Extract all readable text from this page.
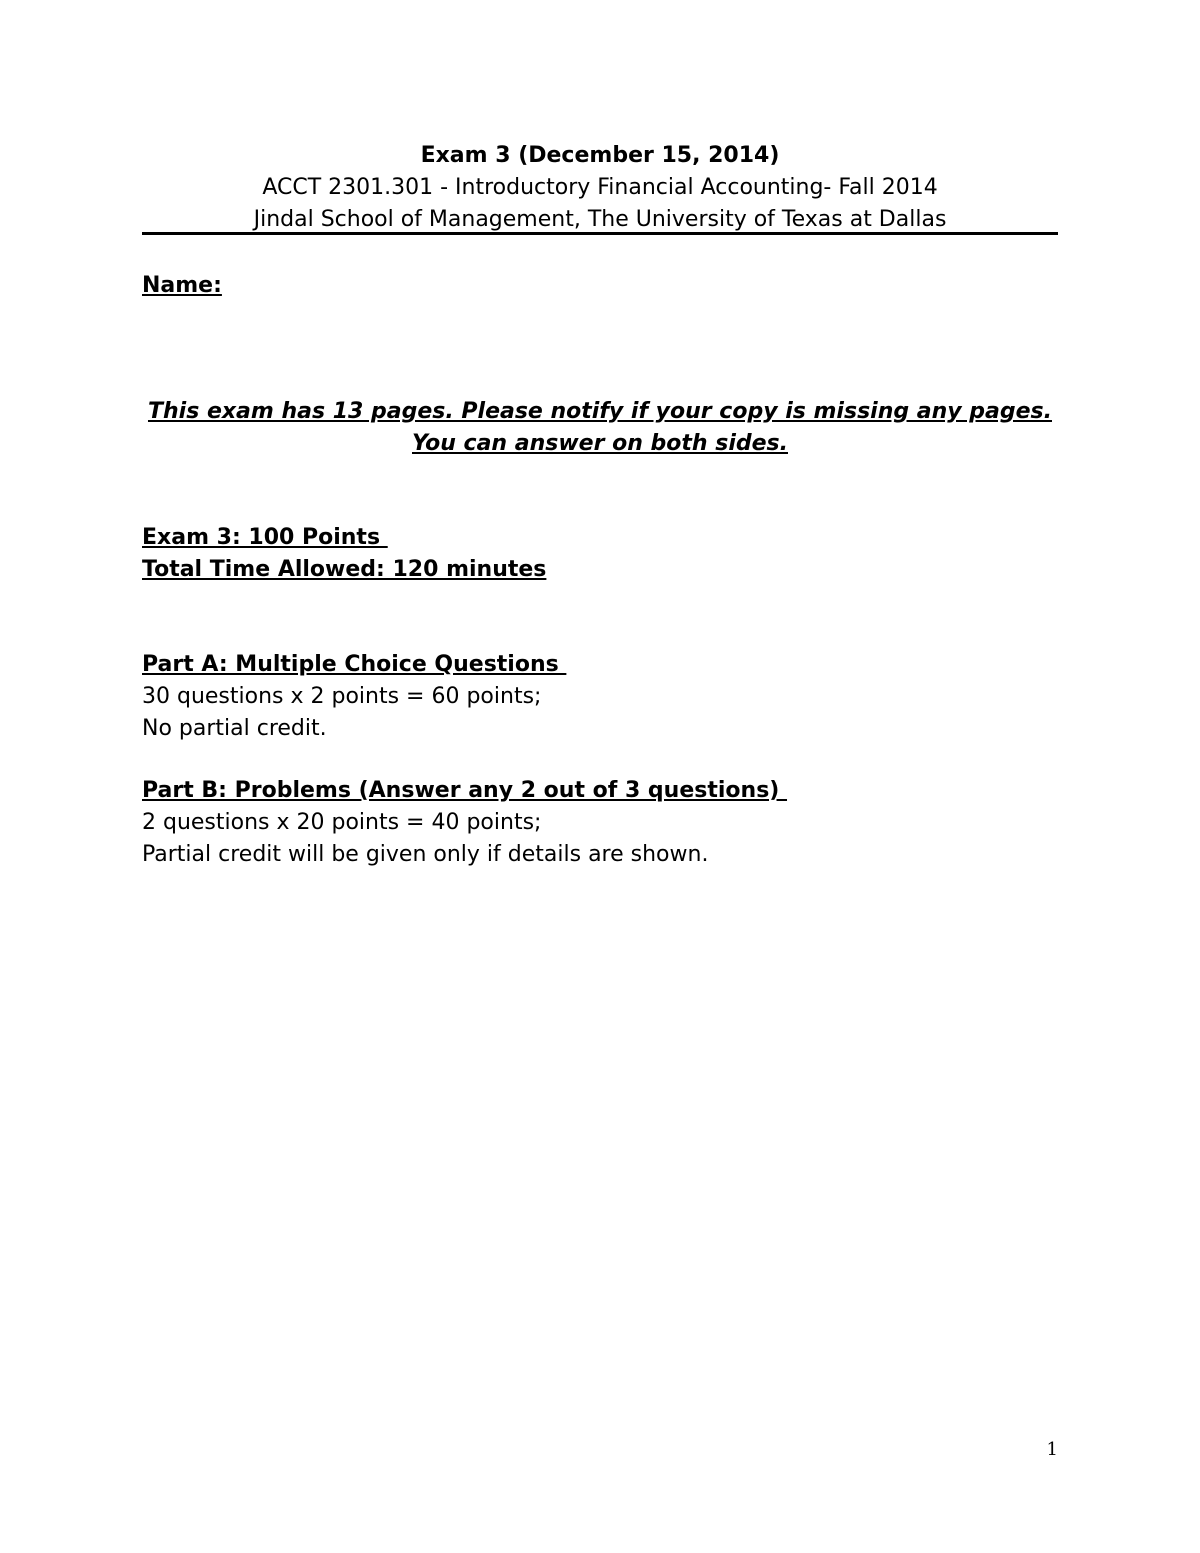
Exam 3 (December 15, 2014)

ACCT 2301.301 - Introductory Financial Accounting- Fall 2014

Jindal School of Management, The University of Texas at Dallas

Name:

This exam has 13 pages. Please notify if your copy is missing any pages.

You can answer on both sides.

Exam 3: 100 Points

Total Time Allowed: 120 minutes

Part A: Multiple Choice Questions

30 questions x 2 points = 60 points;

No partial credit.

Part B: Problems (Answer any 2 out of 3 questions)

2 questions x 20 points = 40 points;

Partial credit will be given only if details are shown.

1
